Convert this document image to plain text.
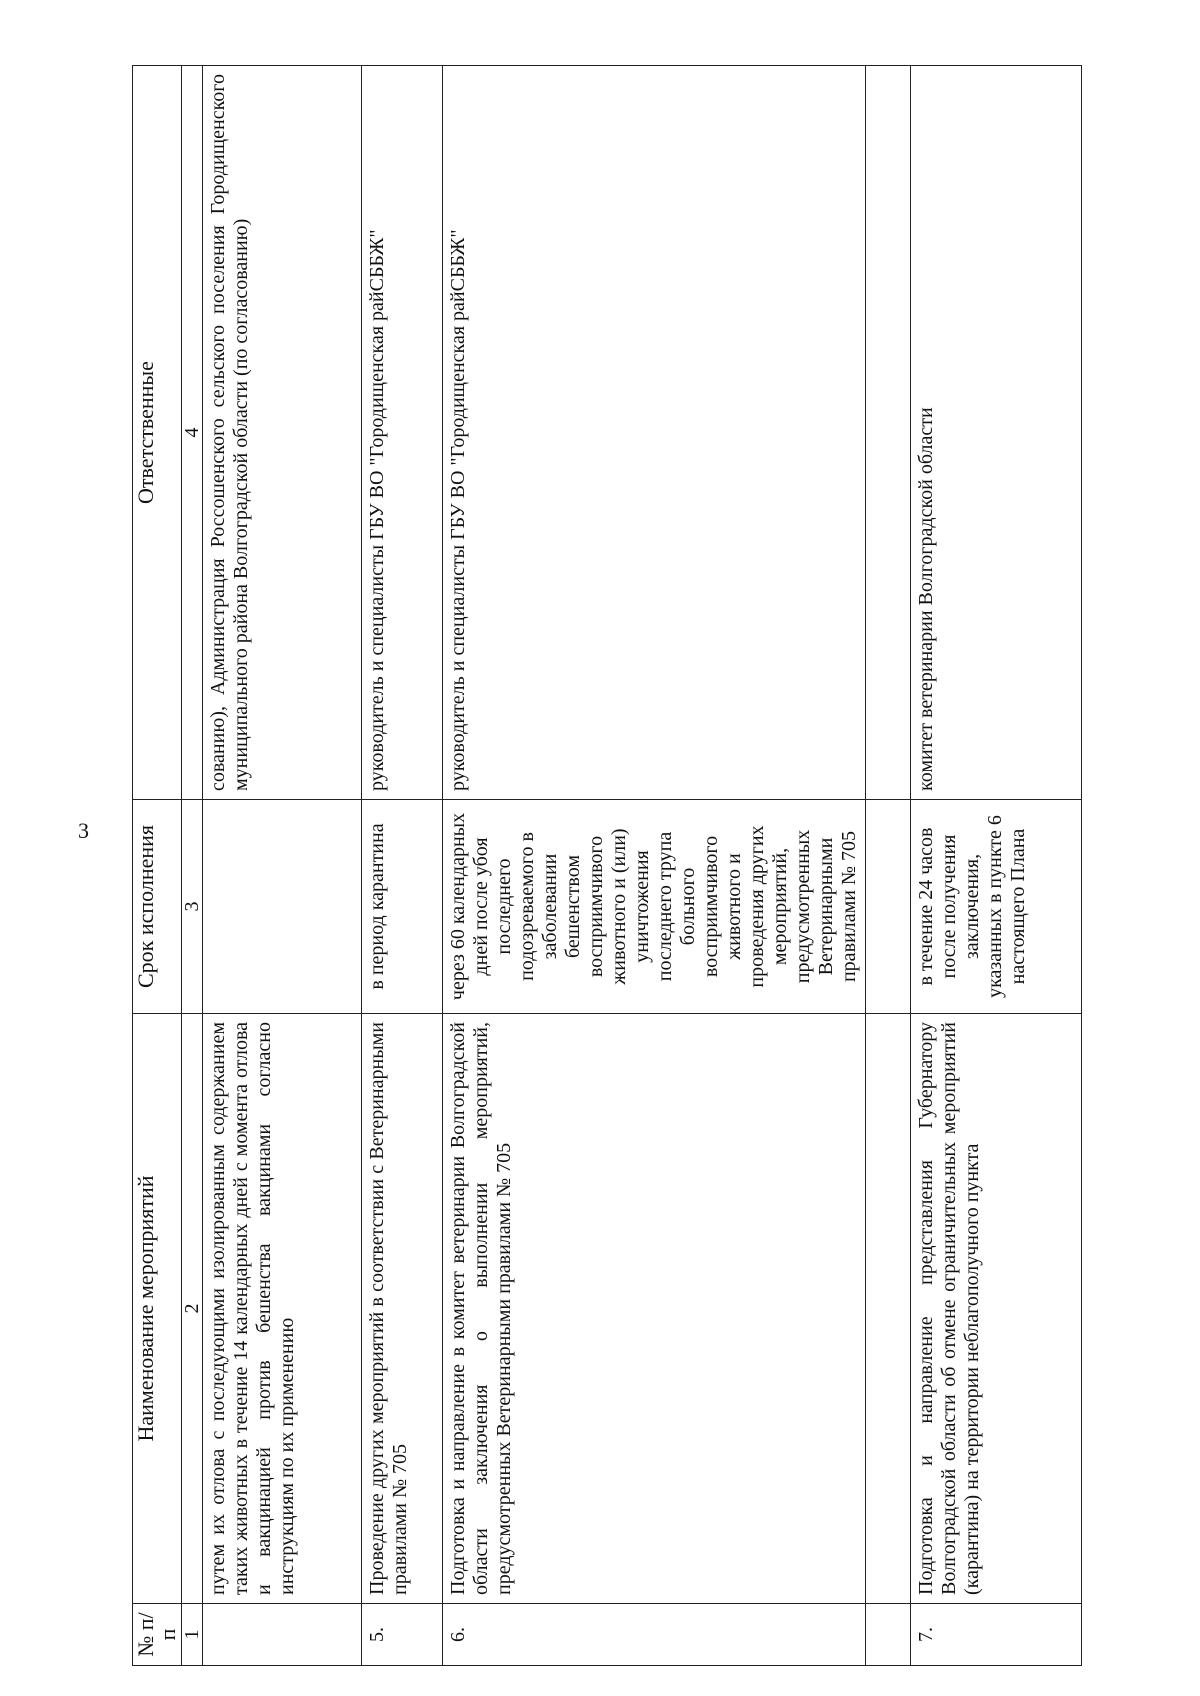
3
№ п/п	Наименование мероприятий	Срок исполнения	Ответственные
1	2	3	4
	путем их отлова с последующими изолированным содержанием таких животных в течение 14 календарных дней с момента отлова и вакцинацией против бешенства вакцинами согласно инструкциям по их применению		сованию), Администрация Россошенского сельского поселения Городищенского муниципального района Волгоградской области (по согласованию)
5.	Проведение других мероприятий в соответствии с Ветеринарными правилами № 705	в период карантина	руководитель и специалисты ГБУ ВО "Городищенская райСББЖ"
6.	Подготовка и направление в комитет ветеринарии Волгоградской области заключения о выполнении мероприятий, предусмотренных Ветеринарными правилами № 705	через 60 календарных дней после убоя последнего подозреваемого в заболевании бешенством восприимчивого животного и (или) уничтожения последнего трупа больного восприимчивого животного и проведения других мероприятий, предусмотренных Ветеринарными правилами № 705	руководитель и специалисты ГБУ ВО "Городищенская райСББЖ"

7.	Подготовка и направление представления Губернатору Волгоградской области об отмене ограничительных мероприятий (карантина) на территории неблагополучного пункта	в течение 24 часов после получения заключения, указанных в пункте 6 настоящего Плана	комитет ветеринарии Волгоградской области
